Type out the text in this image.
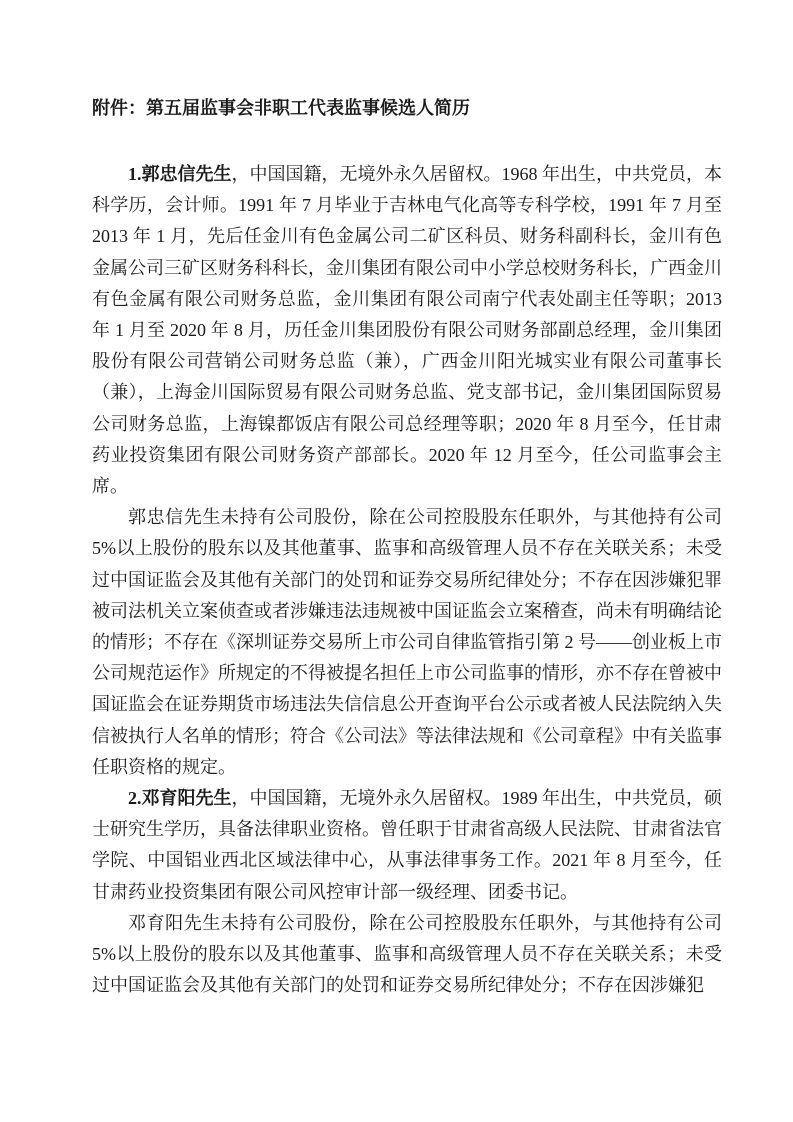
附件：第五届监事会非职工代表监事候选人简历

1.郭忠信先生，中国国籍，无境外永久居留权。1968 年出生，中共党员，本科学历，会计师。1991 年 7 月毕业于吉林电气化高等专科学校，1991 年 7 月至 2013 年 1 月，先后任金川有色金属公司二矿区科员、财务科副科长，金川有色金属公司三矿区财务科科长，金川集团有限公司中小学总校财务科长，广西金川有色金属有限公司财务总监，金川集团有限公司南宁代表处副主任等职；2013 年 1 月至 2020 年 8 月，历任金川集团股份有限公司财务部副总经理，金川集团股份有限公司营销公司财务总监（兼），广西金川阳光城实业有限公司董事长（兼），上海金川国际贸易有限公司财务总监、党支部书记，金川集团国际贸易公司财务总监，上海镍都饭店有限公司总经理等职；2020 年 8 月至今，任甘肃药业投资集团有限公司财务资产部部长。2020 年 12 月至今，任公司监事会主席。

郭忠信先生未持有公司股份，除在公司控股股东任职外，与其他持有公司5%以上股份的股东以及其他董事、监事和高级管理人员不存在关联关系；未受过中国证监会及其他有关部门的处罚和证券交易所纪律处分；不存在因涉嫌犯罪被司法机关立案侦查或者涉嫌违法违规被中国证监会立案稽查，尚未有明确结论的情形；不存在《深圳证券交易所上市公司自律监管指引第 2 号——创业板上市公司规范运作》所规定的不得被提名担任上市公司监事的情形，亦不存在曾被中国证监会在证券期货市场违法失信信息公开查询平台公示或者被人民法院纳入失信被执行人名单的情形；符合《公司法》等法律法规和《公司章程》中有关监事任职资格的规定。

2.邓育阳先生，中国国籍，无境外永久居留权。1989 年出生，中共党员，硕士研究生学历，具备法律职业资格。曾任职于甘肃省高级人民法院、甘肃省法官学院、中国铝业西北区域法律中心，从事法律事务工作。2021 年 8 月至今，任甘肃药业投资集团有限公司风控审计部一级经理、团委书记。

邓育阳先生未持有公司股份，除在公司控股股东任职外，与其他持有公司5%以上股份的股东以及其他董事、监事和高级管理人员不存在关联关系；未受过中国证监会及其他有关部门的处罚和证券交易所纪律处分；不存在因涉嫌犯
